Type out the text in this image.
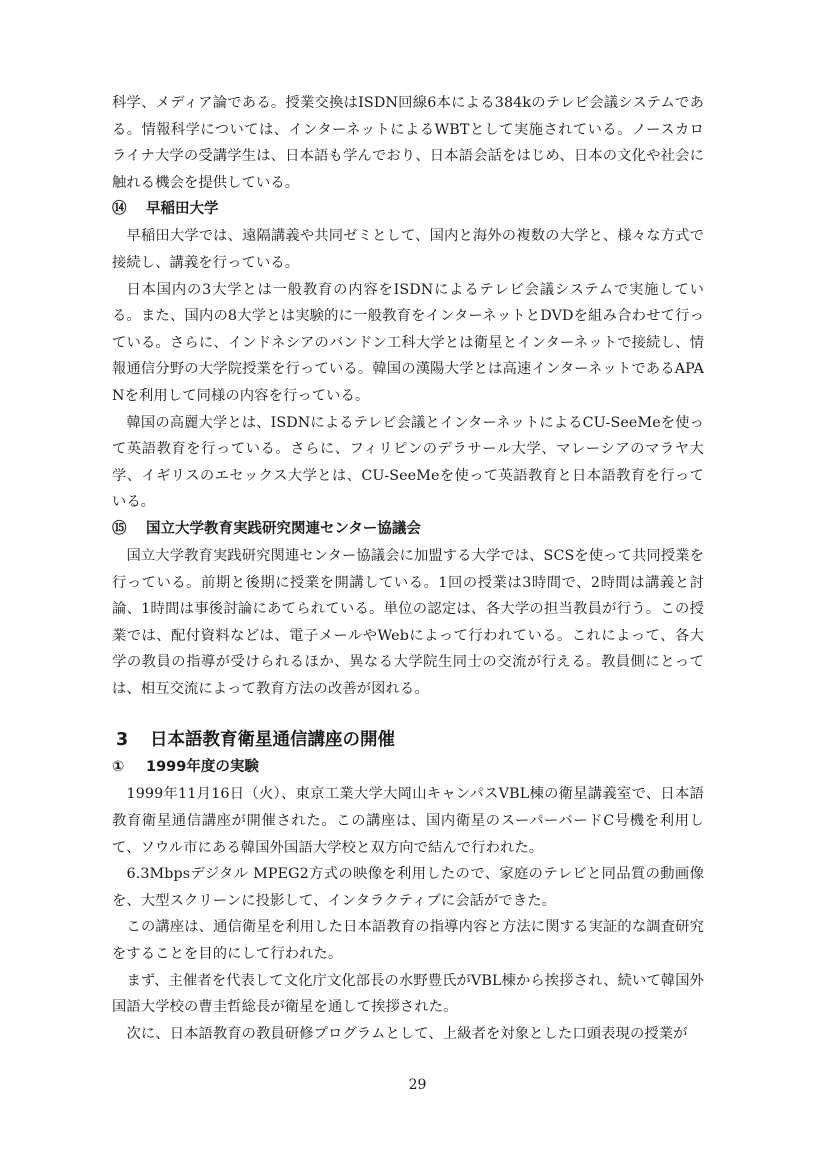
科学、メディア論である。授業交換はISDN回線6本による384kのテレビ会議システムである。情報科学については、インターネットによるWBTとして実施されている。ノースカロライナ大学の受講学生は、日本語も学んでおり、日本語会話をはじめ、日本の文化や社会に触れる機会を提供している。

⑭	早稲田大学

早稲田大学では、遠隔講義や共同ゼミとして、国内と海外の複数の大学と、様々な方式で接続し、講義を行っている。

日本国内の3大学とは一般教育の内容をISDNによるテレビ会議システムで実施している。また、国内の8大学とは実験的に一般教育をインターネットとDVDを組み合わせて行っている。さらに、インドネシアのバンドン工科大学とは衛星とインターネットで接続し、情報通信分野の大学院授業を行っている。韓国の漢陽大学とは高速インターネットであるAPANを利用して同様の内容を行っている。

韓国の高麗大学とは、ISDNによるテレビ会議とインターネットによるCU-SeeMeを使って英語教育を行っている。さらに、フィリピンのデラサール大学、マレーシアのマラヤ大学、イギリスのエセックス大学とは、CU-SeeMeを使って英語教育と日本語教育を行っている。

⑮	国立大学教育実践研究関連センター協議会

国立大学教育実践研究関連センター協議会に加盟する大学では、SCSを使って共同授業を行っている。前期と後期に授業を開講している。1回の授業は3時間で、2時間は講義と討論、1時間は事後討論にあてられている。単位の認定は、各大学の担当教員が行う。この授業では、配付資料などは、電子メールやWebによって行われている。これによって、各大学の教員の指導が受けられるほか、異なる大学院生同士の交流が行える。教員側にとっては、相互交流によって教育方法の改善が図れる。

3	日本語教育衛星通信講座の開催
①	1999年度の実験

1999年11月16日（火）、東京工業大学大岡山キャンパスVBL棟の衛星講義室で、日本語教育衛星通信講座が開催された。この講座は、国内衛星のスーパーバードC号機を利用して、ソウル市にある韓国外国語大学校と双方向で結んで行われた。

6.3Mbpsデジタル MPEG2方式の映像を利用したので、家庭のテレビと同品質の動画像を、大型スクリーンに投影して、インタラクティブに会話ができた。

この講座は、通信衛星を利用した日本語教育の指導内容と方法に関する実証的な調査研究をすることを目的にして行われた。

まず、主催者を代表して文化庁文化部長の水野豊氏がVBL棟から挨拶され、続いて韓国外国語大学校の曹圭哲総長が衛星を通して挨拶された。

次に、日本語教育の教員研修プログラムとして、上級者を対象とした口頭表現の授業が

29
